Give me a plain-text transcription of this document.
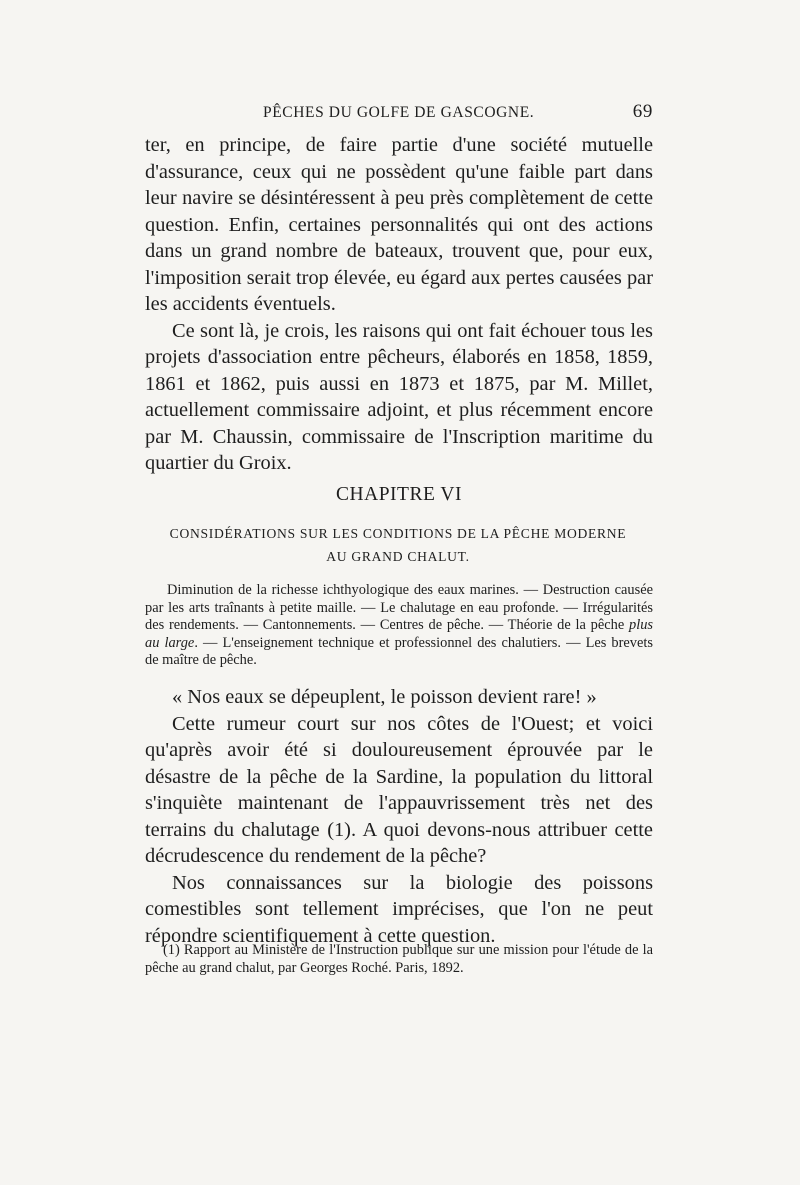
PÊCHES DU GOLFE DE GASCOGNE.	69

ter, en principe, de faire partie d'une société mutuelle d'assurance, ceux qui ne possèdent qu'une faible part dans leur navire se désintéressent à peu près complètement de cette question. Enfin, certaines personnalités qui ont des actions dans un grand nombre de bateaux, trouvent que, pour eux, l'imposition serait trop élevée, eu égard aux pertes causées par les accidents éventuels.

Ce sont là, je crois, les raisons qui ont fait échouer tous les projets d'association entre pêcheurs, élaborés en 1858, 1859, 1861 et 1862, puis aussi en 1873 et 1875, par M. Millet, actuellement commissaire adjoint, et plus récemment encore par M. Chaussin, commissaire de l'Inscription maritime du quartier du Groix.

CHAPITRE VI
CONSIDÉRATIONS SUR LES CONDITIONS DE LA PÊCHE MODERNE
AU GRAND CHALUT.
Diminution de la richesse ichthyologique des eaux marines. — Destruction causée par les arts traînants à petite maille. — Le chalutage en eau profonde. — Irrégularités des rendements. — Cantonnements. — Centres de pêche. — Théorie de la pêche plus au large. — L'enseignement technique et professionnel des chalutiers. — Les brevets de maître de pêche.

« Nos eaux se dépeuplent, le poisson devient rare! »

Cette rumeur court sur nos côtes de l'Ouest; et voici qu'après avoir été si douloureusement éprouvée par le désastre de la pêche de la Sardine, la population du littoral s'inquiète maintenant de l'appauvrissement très net des terrains du chalutage (1). A quoi devons-nous attribuer cette décrudescence du rendement de la pêche?

Nos connaissances sur la biologie des poissons comestibles sont tellement imprécises, que l'on ne peut répondre scientifiquement à cette question.

(1) Rapport au Ministère de l'Instruction publique sur une mission pour l'étude de la pêche au grand chalut, par Georges Roché. Paris, 1892.
